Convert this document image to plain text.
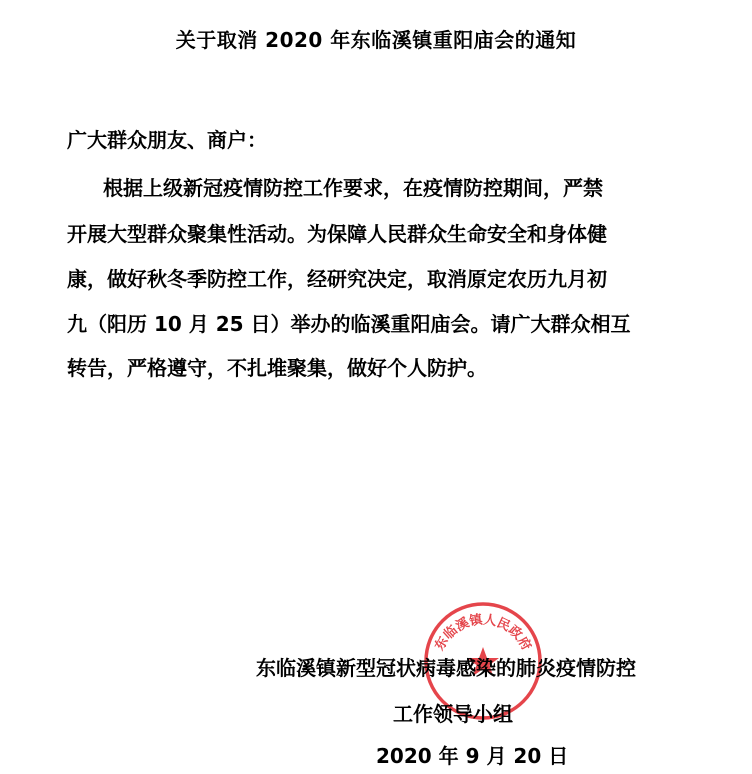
关于取消 2020 年东临溪镇重阳庙会的通知
广大群众朋友、商户：
根据上级新冠疫情防控工作要求，在疫情防控期间，严禁
开展大型群众聚集性活动。为保障人民群众生命安全和身体健
康，做好秋冬季防控工作，经研究决定，取消原定农历九月初
九（阳历 10 月 25 日）举办的临溪重阳庙会。请广大群众相互
转告，严格遵守，不扎堆聚集，做好个人防护。
东临溪镇人民政府
东临溪镇新型冠状病毒感染的肺炎疫情防控
工作领导小组
2020 年 9 月 20 日
